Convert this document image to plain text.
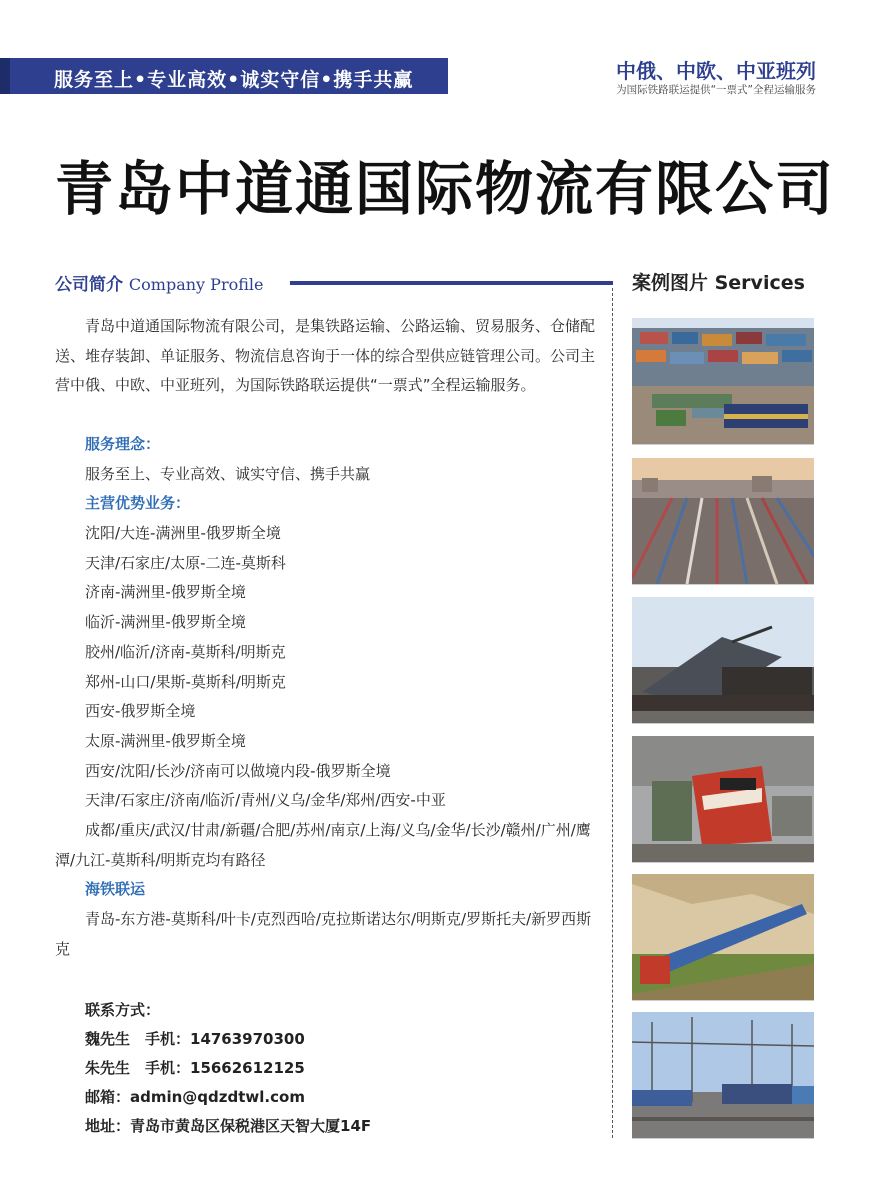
服务至上•专业高效•诚实守信•携手共赢	中俄、中欧、中亚班列
为国际铁路联运提供“一票式”全程运输服务
青岛中道通国际物流有限公司
公司简介 Company Profile	案例图片 Services

青岛中道通国际物流有限公司，是集铁路运输、公路运输、贸易服务、仓储配送、堆存装卸、单证服务、物流信息咨询于一体的综合型供应链管理公司。公司主营中俄、中欧、中亚班列，为国际铁路联运提供“一票式”全程运输服务。

服务理念：
服务至上、专业高效、诚实守信、携手共赢
主营优势业务：
沈阳/大连-满洲里-俄罗斯全境
天津/石家庄/太原-二连-莫斯科
济南-满洲里-俄罗斯全境
临沂-满洲里-俄罗斯全境
胶州/临沂/济南-莫斯科/明斯克
郑州-山口/果斯-莫斯科/明斯克
西安-俄罗斯全境
太原-满洲里-俄罗斯全境
西安/沈阳/长沙/济南可以做境内段-俄罗斯全境
天津/石家庄/济南/临沂/青州/义乌/金华/郑州/西安-中亚
成都/重庆/武汉/甘肃/新疆/合肥/苏州/南京/上海/义乌/金华/长沙/赣州/广州/鹰潭/九江-莫斯科/明斯克均有路径
海铁联运
青岛-东方港-莫斯科/叶卡/克烈西哈/克拉斯诺达尔/明斯克/罗斯托夫/新罗西斯克
联系方式：
魏先生　手机：14763970300
朱先生　手机：15662612125
邮箱：admin@qdzdtwl.com
地址：青岛市黄岛区保税港区天智大厦14F
